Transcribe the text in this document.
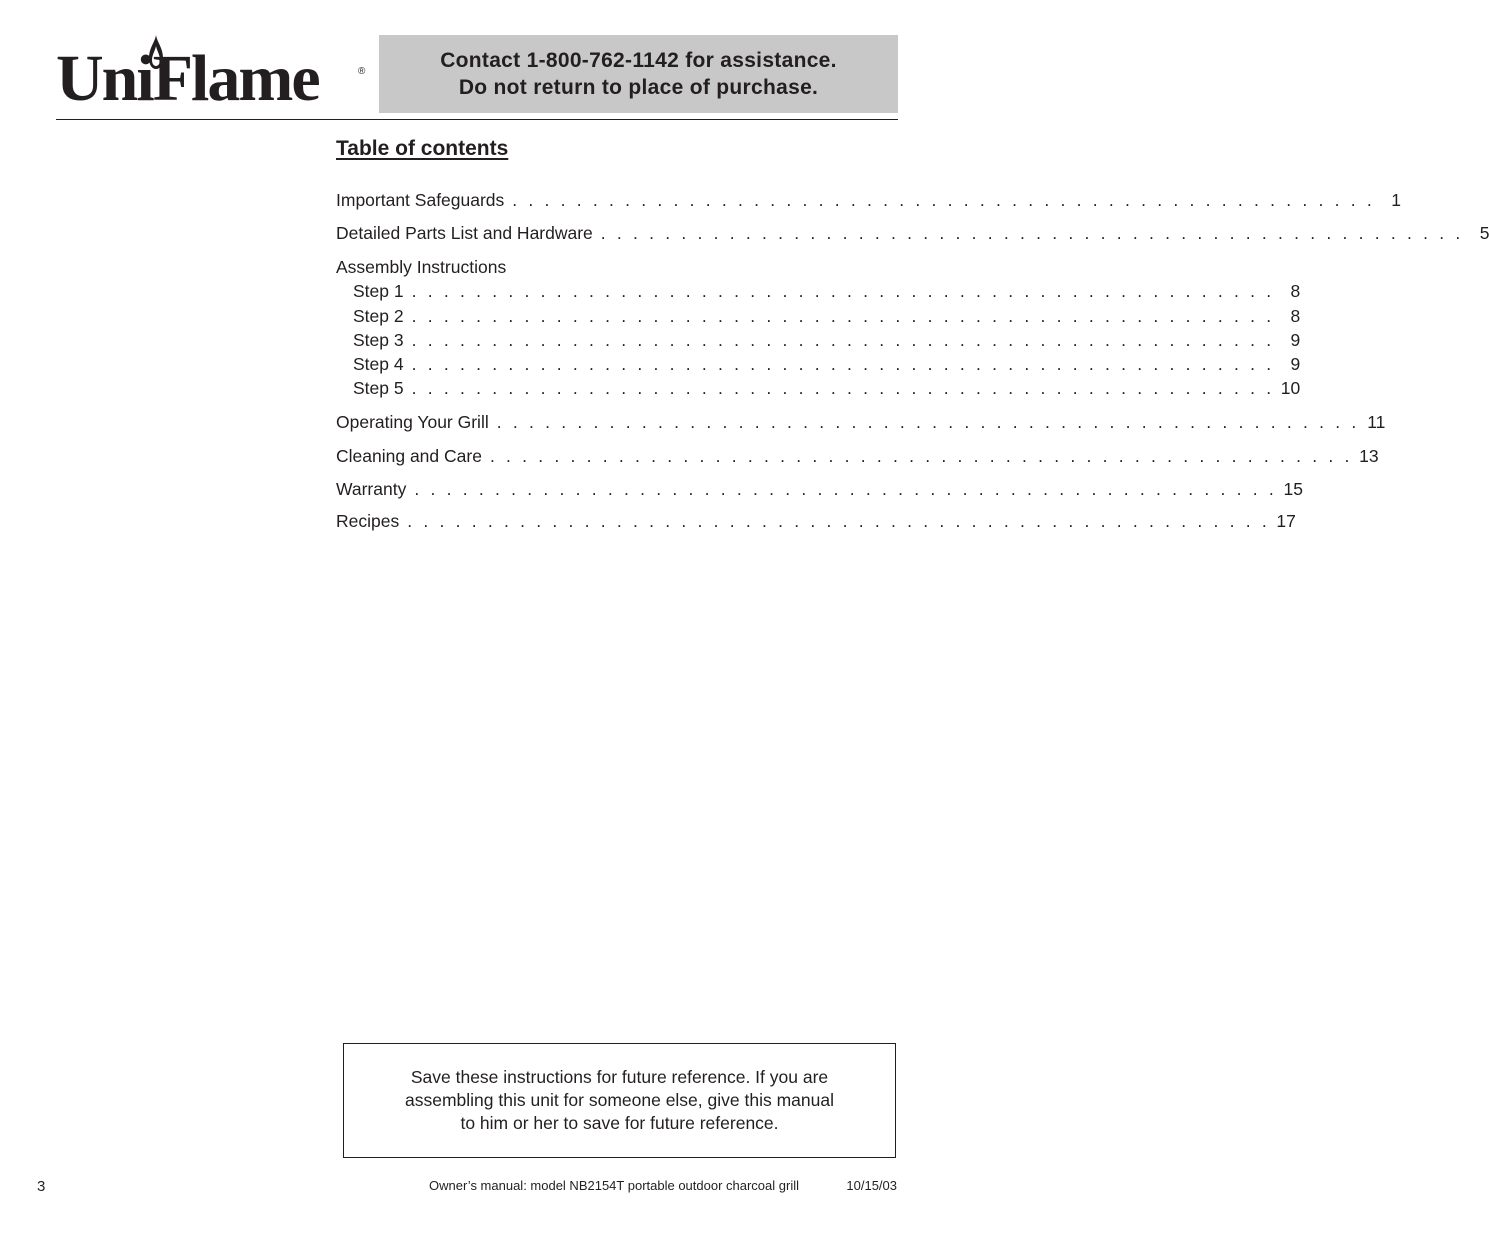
UniFlame	®	Contact 1-800-762-1142 for assistance.
Do not return to place of purchase.
Table of contents
Important Safeguards . . . . . . . . . . . . . . . . . . . . . . . . . . . . . . . . . . . . . . . . . . . . . . . . . . . . . . 1
Detailed Parts List and Hardware . . . . . . . . . . . . . . . . . . . . . . . . . . . . . . . . . . . . . . . . . . . . . . . . . . . . . . 5
Assembly Instructions
Step 1 . . . . . . . . . . . . . . . . . . . . . . . . . . . . . . . . . . . . . . . . . . . . . . . . . . . . . . 8
Step 2 . . . . . . . . . . . . . . . . . . . . . . . . . . . . . . . . . . . . . . . . . . . . . . . . . . . . . . 8
Step 3 . . . . . . . . . . . . . . . . . . . . . . . . . . . . . . . . . . . . . . . . . . . . . . . . . . . . . . 9
Step 4 . . . . . . . . . . . . . . . . . . . . . . . . . . . . . . . . . . . . . . . . . . . . . . . . . . . . . . 9
Step 5 . . . . . . . . . . . . . . . . . . . . . . . . . . . . . . . . . . . . . . . . . . . . . . . . . . . . . . 10
Operating Your Grill . . . . . . . . . . . . . . . . . . . . . . . . . . . . . . . . . . . . . . . . . . . . . . . . . . . . . . 11
Cleaning and Care . . . . . . . . . . . . . . . . . . . . . . . . . . . . . . . . . . . . . . . . . . . . . . . . . . . . . . 13
Warranty . . . . . . . . . . . . . . . . . . . . . . . . . . . . . . . . . . . . . . . . . . . . . . . . . . . . . . 15
Recipes . . . . . . . . . . . . . . . . . . . . . . . . . . . . . . . . . . . . . . . . . . . . . . . . . . . . . . 17
Save these instructions for future reference. If you are
assembling this unit for someone else, give this manual
to him or her to save for future reference.
3	Owner’s manual: model NB2154T portable outdoor charcoal grill	10/15/03
